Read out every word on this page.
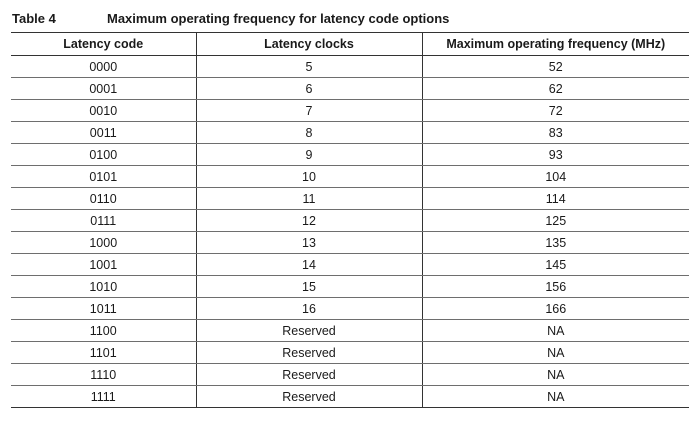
Table 4	Maximum operating frequency for latency code options
Latency code	Latency clocks	Maximum operating frequency (MHz)
0000	5	52
0001	6	62
0010	7	72
0011	8	83
0100	9	93
0101	10	104
0110	11	114
0111	12	125
1000	13	135
1001	14	145
1010	15	156
1011	16	166
1100	Reserved	NA
1101	Reserved	NA
1110	Reserved	NA
1111	Reserved	NA
